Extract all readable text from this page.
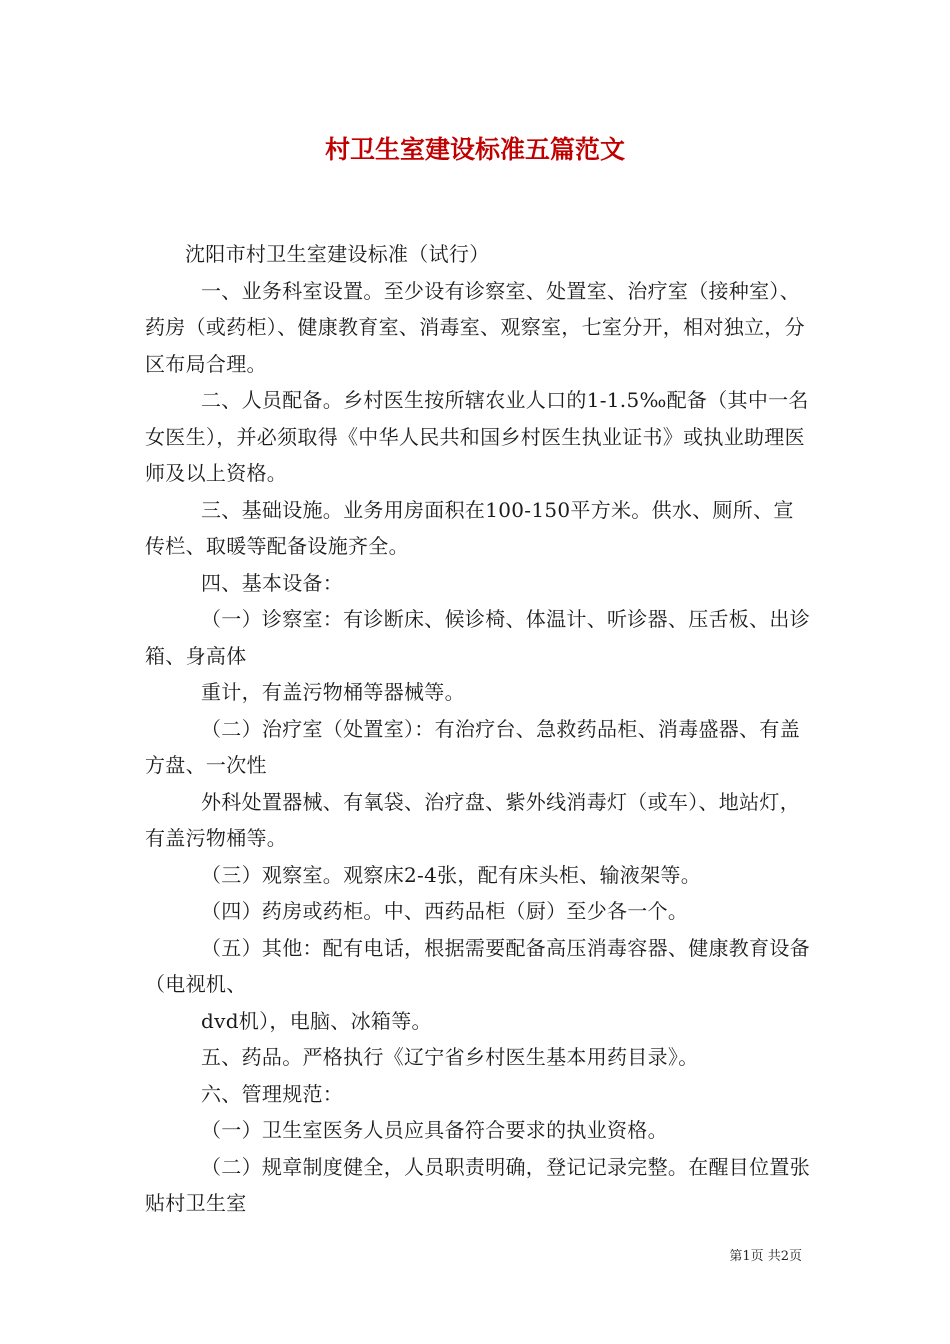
村卫生室建设标准五篇范文

沈阳市村卫生室建设标准（试行）

一、业务科室设置。至少设有诊察室、处置室、治疗室（接种室）、药房（或药柜）、健康教育室、消毒室、观察室，七室分开，相对独立，分区布局合理。

二、人员配备。乡村医生按所辖农业人口的1-1.5‰配备（其中一名女医生），并必须取得《中华人民共和国乡村医生执业证书》或执业助理医师及以上资格。

三、基础设施。业务用房面积在100-150平方米。供水、厕所、宣传栏、取暖等配备设施齐全。

四、基本设备：

（一）诊察室：有诊断床、候诊椅、体温计、听诊器、压舌板、出诊箱、身高体

重计，有盖污物桶等器械等。

（二）治疗室（处置室）：有治疗台、急救药品柜、消毒盛器、有盖方盘、一次性

外科处置器械、有氧袋、治疗盘、紫外线消毒灯（或车）、地站灯，有盖污物桶等。

（三）观察室。观察床2-4张，配有床头柜、输液架等。

（四）药房或药柜。中、西药品柜（厨）至少各一个。

（五）其他：配有电话，根据需要配备高压消毒容器、健康教育设备（电视机、

dvd机），电脑、冰箱等。

五、药品。严格执行《辽宁省乡村医生基本用药目录》。

六、管理规范：

（一）卫生室医务人员应具备符合要求的执业资格。

（二）规章制度健全，人员职责明确，登记记录完整。在醒目位置张贴村卫生室

第1页 共2页
